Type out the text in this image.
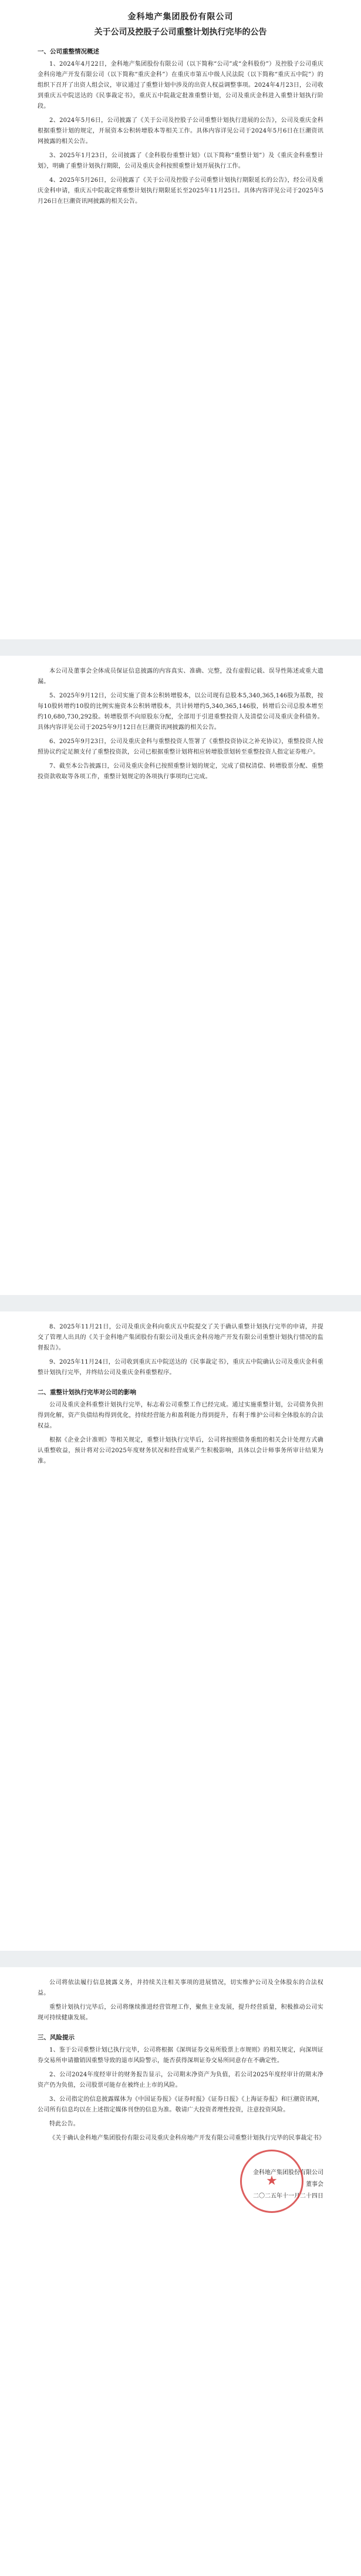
金科地产集团股份有限公司

关于公司及控股子公司重整计划执行完毕的公告

一、公司重整情况概述

1、2024年4月22日，金科地产集团股份有限公司（以下简称“公司”或“金科股份”）及控股子公司重庆金科房地产开发有限公司（以下简称“重庆金科”）在重庆市第五中级人民法院（以下简称“重庆五中院”）的组织下召开了出资人组会议，审议通过了重整计划中涉及的出资人权益调整事项。2024年4月23日，公司收到重庆五中院送达的《民事裁定书》，重庆五中院裁定批准重整计划，公司及重庆金科进入重整计划执行阶段。

2、2024年5月6日，公司披露了《关于公司及控股子公司重整计划执行进展的公告》，公司及重庆金科根据重整计划的规定，开展资本公积转增股本等相关工作。具体内容详见公司于2024年5月6日在巨潮资讯网披露的相关公告。

3、2025年1月23日，公司披露了《金科股份重整计划》（以下简称“重整计划”）及《重庆金科重整计划》，明确了重整计划执行期限，公司及重庆金科按照重整计划开展执行工作。

4、2025年5月26日，公司披露了《关于公司及控股子公司重整计划执行期限延长的公告》，经公司及重庆金科申请，重庆五中院裁定将重整计划执行期限延长至2025年11月25日。具体内容详见公司于2025年5月26日在巨潮资讯网披露的相关公告。

本公司及董事会全体成员保证信息披露的内容真实、准确、完整，没有虚假记载、误导性陈述或重大遗漏。

5、2025年9月12日，公司实施了资本公积转增股本，以公司现有总股本5,340,365,146股为基数，按每10股转增约10股的比例实施资本公积转增股本，共计转增约5,340,365,146股，转增后公司总股本增至约10,680,730,292股。转增股票不向原股东分配，全部用于引进重整投资人及清偿公司及重庆金科债务。具体内容详见公司于2025年9月12日在巨潮资讯网披露的相关公告。

6、2025年9月23日，公司及重庆金科与重整投资人签署了《重整投资协议之补充协议》，重整投资人按照协议约定足额支付了重整投资款，公司已根据重整计划将相应转增股票划转至重整投资人指定证券账户。

7、截至本公告披露日，公司及重庆金科已按照重整计划的规定，完成了债权清偿、转增股票分配、重整投资款收取等各项工作，重整计划规定的各项执行事项均已完成。

8、2025年11月21日，公司及重庆金科向重庆五中院提交了关于确认重整计划执行完毕的申请，并提交了管理人出具的《关于金科地产集团股份有限公司及重庆金科房地产开发有限公司重整计划执行情况的监督报告》。

9、2025年11月24日，公司收到重庆五中院送达的《民事裁定书》，重庆五中院确认公司及重庆金科重整计划执行完毕，并终结公司及重庆金科重整程序。

二、重整计划执行完毕对公司的影响

公司及重庆金科重整计划执行完毕，标志着公司重整工作已经完成。通过实施重整计划，公司债务负担得到化解，资产负债结构得到优化，持续经营能力和盈利能力得到提升，有利于维护公司和全体股东的合法权益。

根据《企业会计准则》等相关规定，重整计划执行完毕后，公司将按照债务重组的相关会计处理方式确认重整收益，预计将对公司2025年度财务状况和经营成果产生积极影响，具体以会计师事务所审计结果为准。

公司将依法履行信息披露义务，并持续关注相关事项的进展情况，切实维护公司及全体股东的合法权益。

重整计划执行完毕后，公司将继续推进经营管理工作，聚焦主业发展，提升经营质量，积极推动公司实现可持续健康发展。

三、风险提示

1、鉴于公司重整计划已执行完毕，公司将根据《深圳证券交易所股票上市规则》的相关规定，向深圳证券交易所申请撤销因重整导致的退市风险警示，能否获得深圳证券交易所同意存在不确定性。

2、公司2024年度经审计的财务报告显示，公司期末净资产为负值，若公司2025年度经审计的期末净资产仍为负值，公司股票可能存在被终止上市的风险。

3、公司指定的信息披露媒体为《中国证券报》《证券时报》《证券日报》《上海证券报》和巨潮资讯网，公司所有信息均以在上述指定媒体刊登的信息为准。敬请广大投资者理性投资，注意投资风险。

特此公告。

《关于确认金科地产集团股份有限公司及重庆金科房地产开发有限公司重整计划执行完毕的民事裁定书》

★
金科地产集团股份有限公司
董事会
二〇二五年十一月二十四日
